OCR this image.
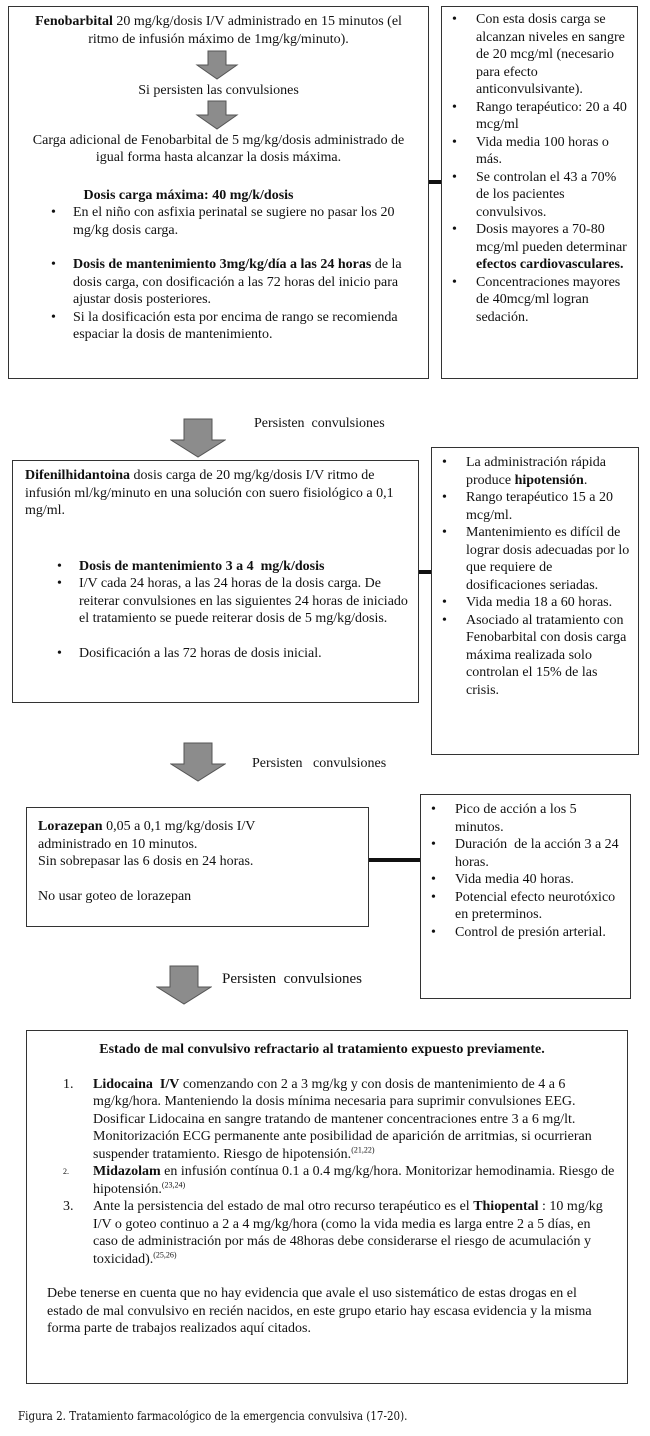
Fenobarbital 20 mg/kg/dosis I/V administrado en 15 minutos (el ritmo de infusión máximo de 1mg/kg/minuto).
Si persisten las convulsiones
Carga adicional de Fenobarbital de 5 mg/kg/dosis administrado de igual forma hasta alcanzar la dosis máxima.
Dosis carga máxima: 40 mg/k/dosis
• En el niño con asfixia perinatal se sugiere no pasar los 20 mg/kg dosis carga.
• Dosis de mantenimiento 3mg/kg/día a las 24 horas de la dosis carga, con dosificación a las 72 horas del inicio para ajustar dosis posteriores.
• Si la dosificación esta por encima de rango se recomienda espaciar la dosis de mantenimiento.
• Con esta dosis carga se alcanzan niveles en sangre de 20 mcg/ml (necesario para efecto anticonvulsivante).
• Rango terapéutico: 20 a 40 mcg/ml
• Vida media 100 horas o más.
• Se controlan el 43 a 70% de los pacientes convulsivos.
• Dosis mayores a 70-80 mcg/ml pueden determinar efectos cardiovasculares.
• Concentraciones mayores de 40mcg/ml logran sedación.
Persisten  convulsiones
Difenilhidantoina dosis carga de 20 mg/kg/dosis I/V ritmo de infusión ml/kg/minuto en una solución con suero fisiológico a 0,1 mg/ml.
• Dosis de mantenimiento 3 a 4  mg/k/dosis
• I/V cada 24 horas, a las 24 horas de la dosis carga. De reiterar convulsiones en las siguientes 24 horas de iniciado el tratamiento se puede reiterar dosis de 5 mg/kg/dosis.
• Dosificación a las 72 horas de dosis inicial.
• La administración rápida produce hipotensión.
• Rango terapéutico 15 a 20 mcg/ml.
• Mantenimiento es difícil de lograr dosis adecuadas por lo que requiere de dosificaciones seriadas.
• Vida media 18 a 60 horas.
• Asociado al tratamiento con Fenobarbital con dosis carga máxima realizada solo controlan el 15% de las crisis.
Persisten   convulsiones
Lorazepan 0,05 a 0,1 mg/kg/dosis I/V
administrado en 10 minutos.
Sin sobrepasar las 6 dosis en 24 horas.
No usar goteo de lorazepan
• Pico de acción a los 5 minutos.
• Duración  de la acción 3 a 24 horas.
• Vida media 40 horas.
• Potencial efecto neurotóxico en preterminos.
• Control de presión arterial.
Persisten  convulsiones
Estado de mal convulsivo refractario al tratamiento expuesto previamente.
1. Lidocaina  I/V comenzando con 2 a 3 mg/kg y con dosis de mantenimiento de 4 a 6 mg/kg/hora. Manteniendo la dosis mínima necesaria para suprimir convulsiones EEG. Dosificar Lidocaina en sangre tratando de mantener concentraciones entre 3 a 6 mg/lt. Monitorización ECG permanente ante posibilidad de aparición de arritmias, si ocurrieran suspender tratamiento. Riesgo de hipotensión.$^{(21,22)}$
2. Midazolam en infusión contínua 0.1 a 0.4 mg/kg/hora. Monitorizar hemodinamia. Riesgo de hipotensión.$^{(23,24)}$
3. Ante la persistencia del estado de mal otro recurso terapéutico es el Thiopental : 10 mg/kg I/V o goteo continuo a 2 a 4 mg/kg/hora (como la vida media es larga entre 2 a 5 días, en caso de administración por más de 48horas debe considerarse el riesgo de acumulación y toxicidad).$^{(25,26)}$
Debe tenerse en cuenta que no hay evidencia que avale el uso sistemático de estas drogas en el estado de mal convulsivo en recién nacidos, en este grupo etario hay escasa evidencia y la misma forma parte de trabajos realizados aquí citados.
Figura 2. Tratamiento farmacológico de la emergencia convulsiva (17-20).
